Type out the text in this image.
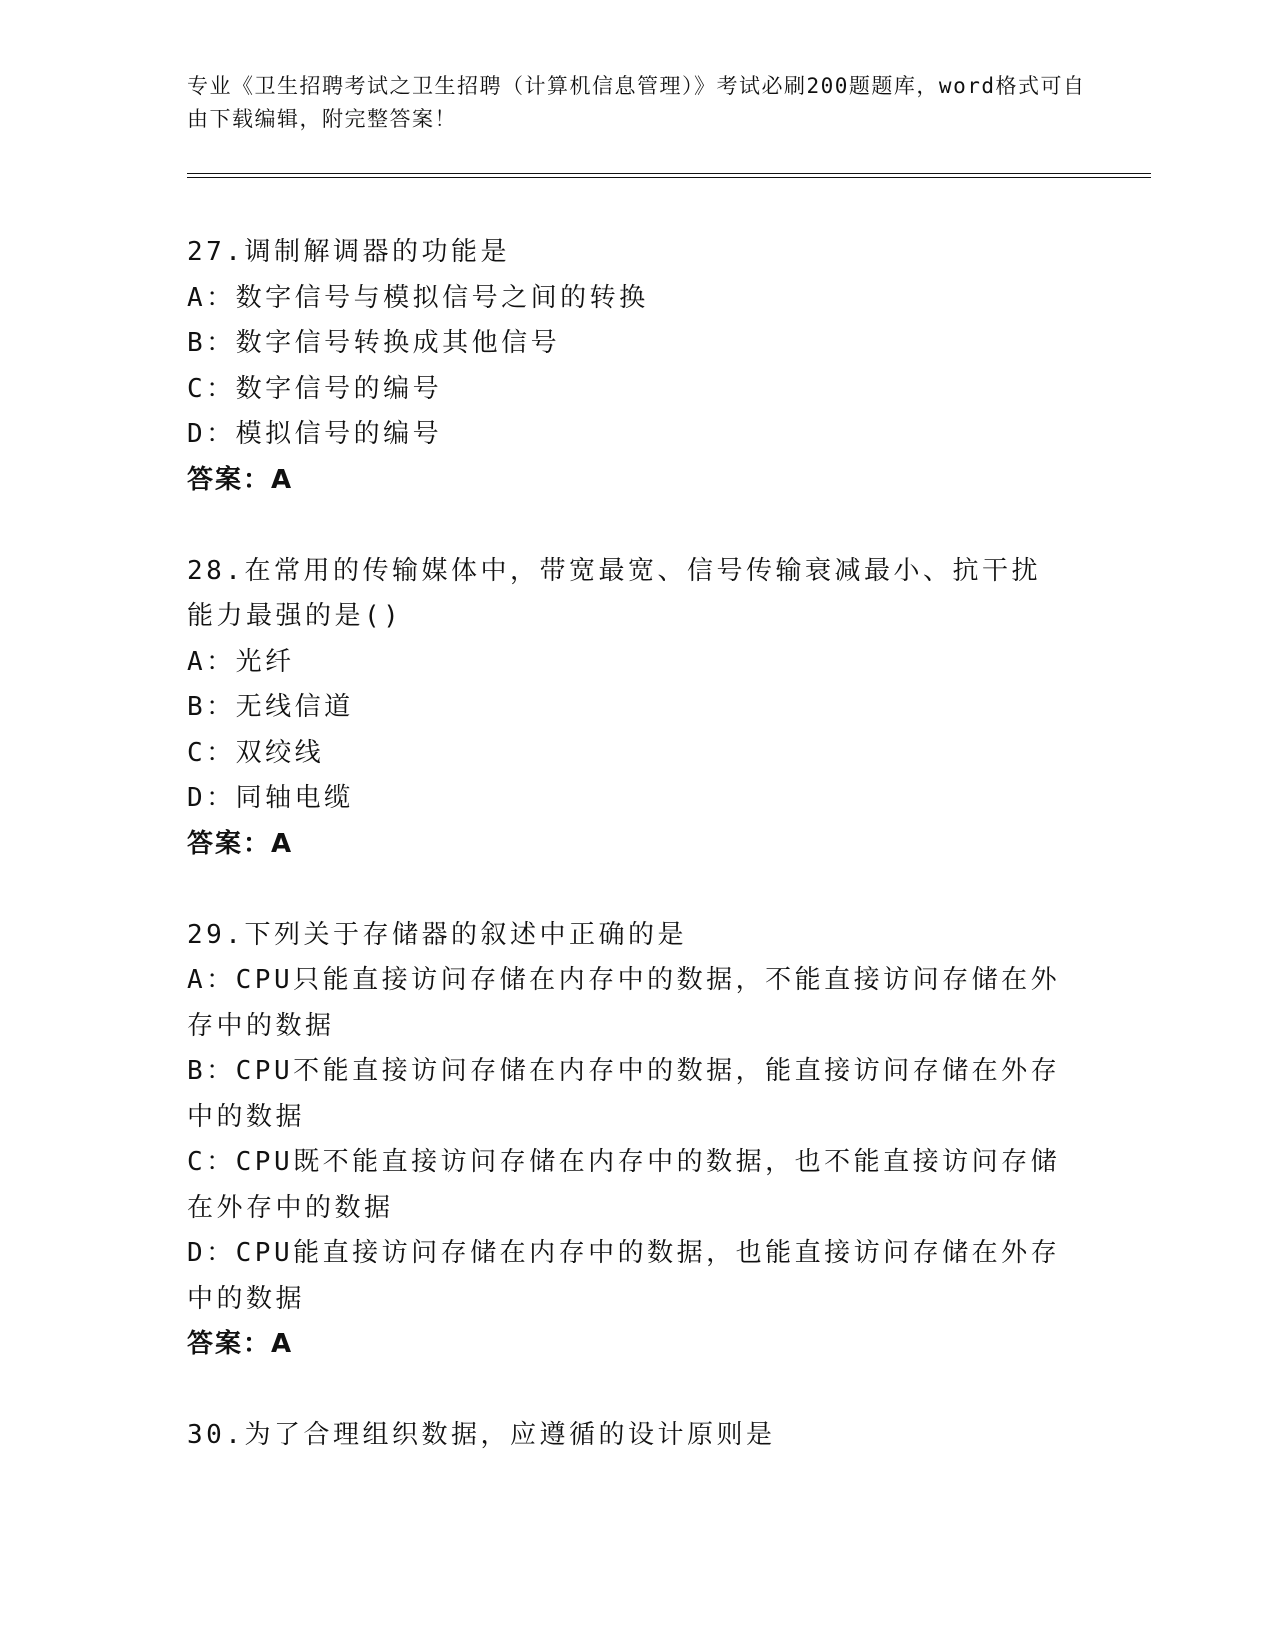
专业《卫生招聘考试之卫生招聘（计算机信息管理）》考试必刷200题题库，word格式可自由下载编辑，附完整答案！

27.调制解调器的功能是

A：数字信号与模拟信号之间的转换

B：数字信号转换成其他信号

C：数字信号的编号

D：模拟信号的编号

答案：A

28.在常用的传输媒体中，带宽最宽、信号传输衰减最小、抗干扰能力最强的是()

A：光纤

B：无线信道

C：双绞线

D：同轴电缆

答案：A

29.下列关于存储器的叙述中正确的是

A：CPU只能直接访问存储在内存中的数据，不能直接访问存储在外存中的数据

B：CPU不能直接访问存储在内存中的数据，能直接访问存储在外存中的数据

C：CPU既不能直接访问存储在内存中的数据，也不能直接访问存储在外存中的数据

D：CPU能直接访问存储在内存中的数据，也能直接访问存储在外存中的数据

答案：A

30.为了合理组织数据，应遵循的设计原则是
